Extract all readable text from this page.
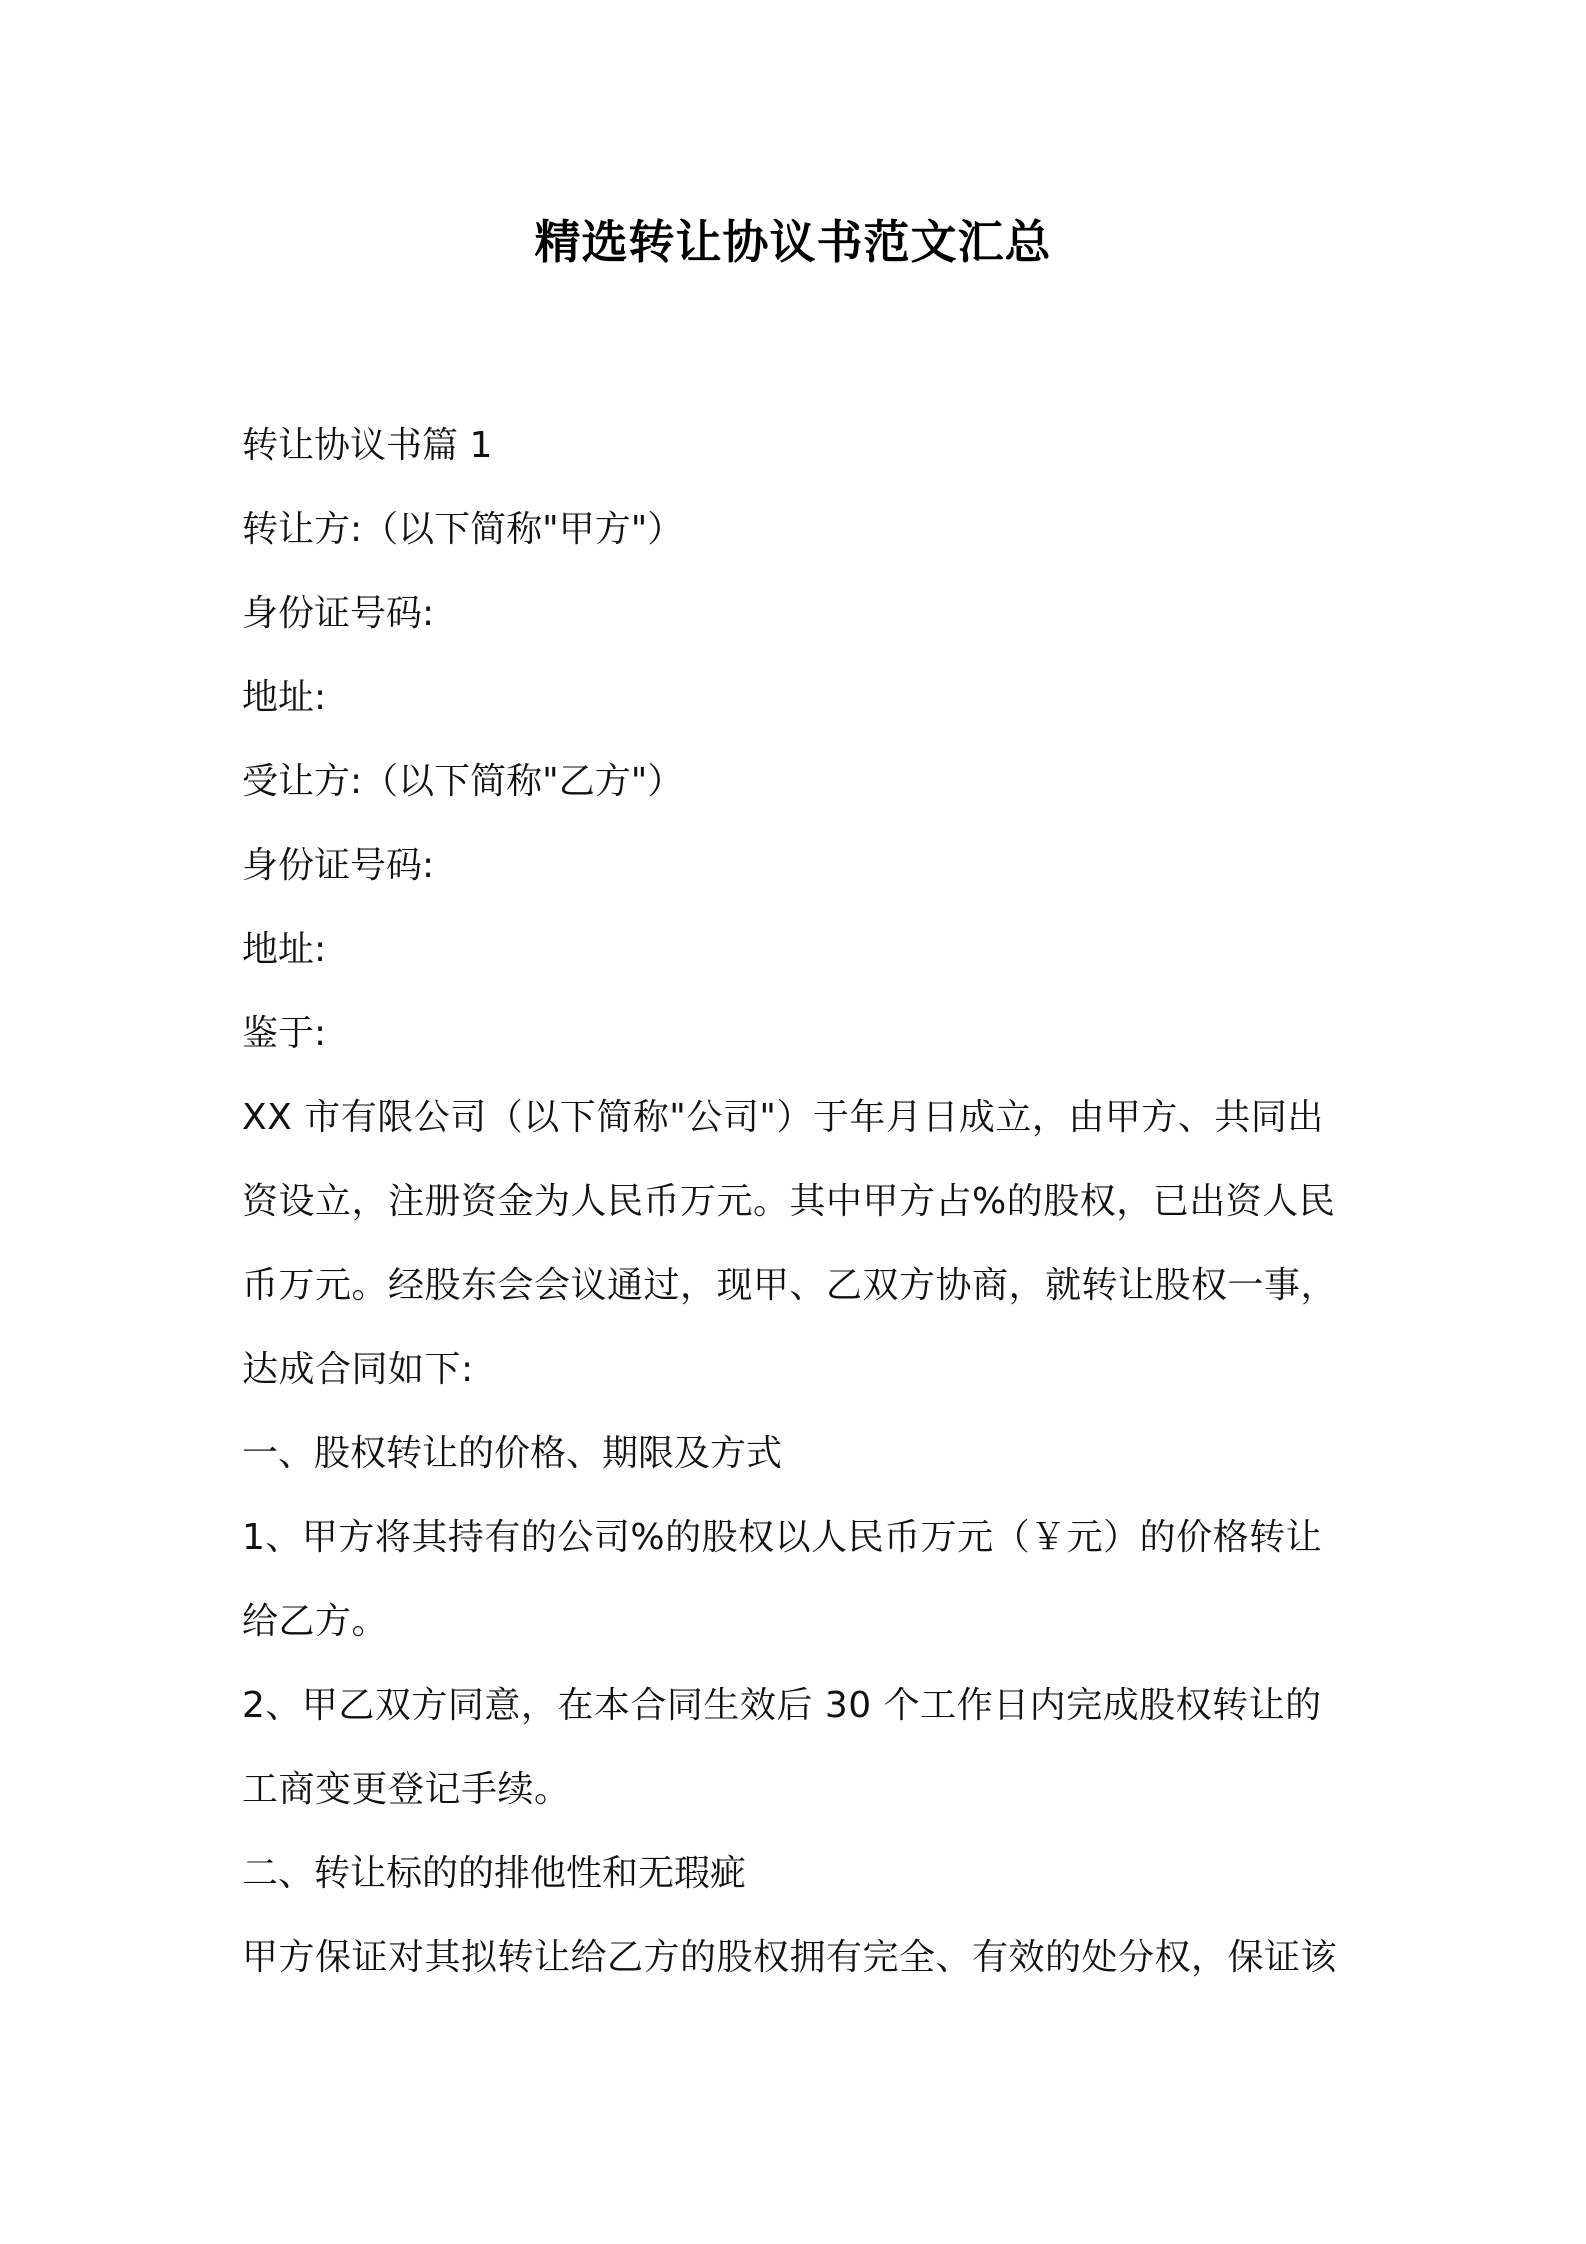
精选转让协议书范文汇总

转让协议书篇 1

转让方:（以下简称"甲方"）

身份证号码:

地址:

受让方:（以下简称"乙方"）

身份证号码:

地址:

鉴于:

XX 市有限公司（以下简称"公司"）于年月日成立，由甲方、共同出

资设立，注册资金为人民币万元。其中甲方占%的股权，已出资人民

币万元。经股东会会议通过，现甲、乙双方协商，就转让股权一事，

达成合同如下:

一、股权转让的价格、期限及方式

1、甲方将其持有的公司%的股权以人民币万元（￥元）的价格转让

给乙方。

2、甲乙双方同意，在本合同生效后 30 个工作日内完成股权转让的

工商变更登记手续。

二、转让标的的排他性和无瑕疵

甲方保证对其拟转让给乙方的股权拥有完全、有效的处分权，保证该
